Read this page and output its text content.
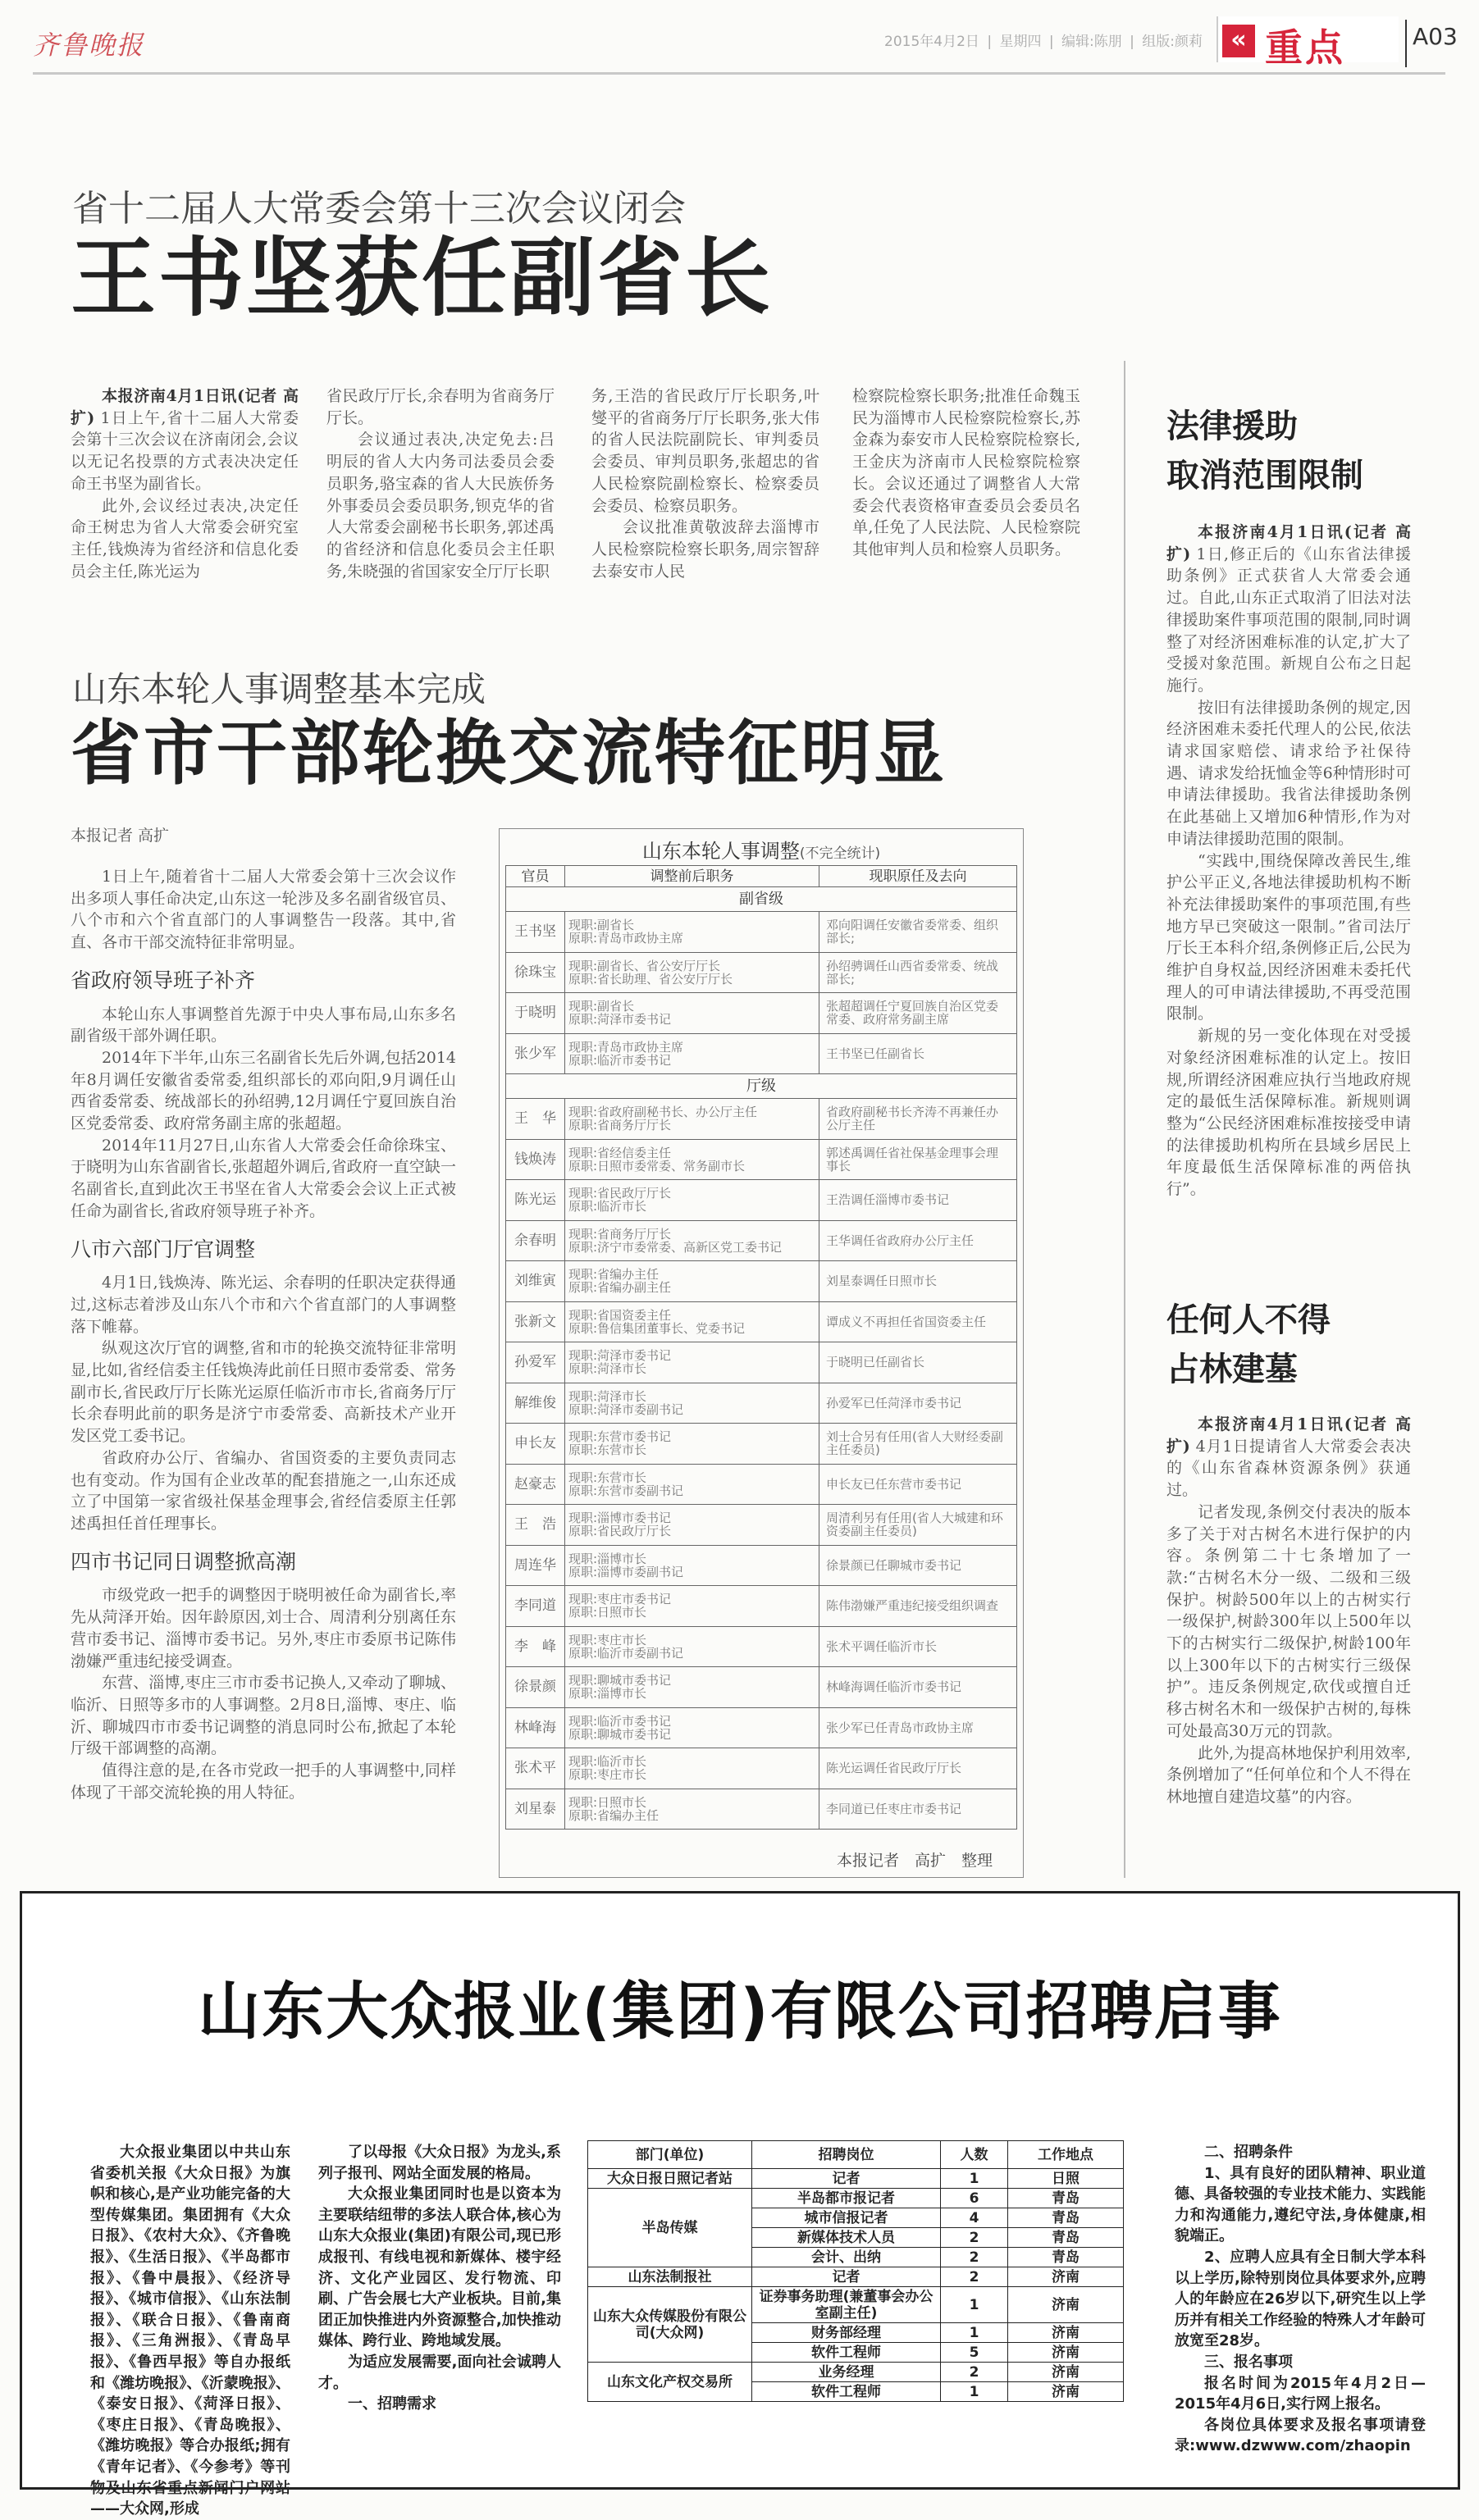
齐鲁晚报	2015年4月2日 | 星期四 | 编辑:陈朋 | 组版:颜莉	« 重点	A03
省十二届人大常委会第十三次会议闭会
王书坚获任副省长

本报济南4月1日讯(记者 高扩) 1日上午,省十二届人大常委会第十三次会议在济南闭会,会议以无记名投票的方式表决决定任命王书坚为副省长。

此外,会议经过表决,决定任命王树忠为省人大常委会研究室主任,钱焕涛为省经济和信息化委员会主任,陈光运为

省民政厅厅长,余春明为省商务厅厅长。

会议通过表决,决定免去:吕明辰的省人大内务司法委员会委员职务,骆宝森的省人大民族侨务外事委员会委员职务,钡克华的省人大常委会副秘书长职务,郭述禹的省经济和信息化委员会主任职务,朱晓强的省国家安全厅厅长职

务,王浩的省民政厅厅长职务,叶燮平的省商务厅厅长职务,张大伟的省人民法院副院长、审判委员会委员、审判员职务,张超忠的省人民检察院副检察长、检察委员会委员、检察员职务。

会议批准黄敬波辞去淄博市人民检察院检察长职务,周宗智辞去泰安市人民

检察院检察长职务;批准任命魏玉民为淄博市人民检察院检察长,苏金森为泰安市人民检察院检察长,王金庆为济南市人民检察院检察长。会议还通过了调整省人大常委会代表资格审查委员会委员名单,任免了人民法院、人民检察院其他审判人员和检察人员职务。

山东本轮人事调整基本完成
省市干部轮换交流特征明显
本报记者 高扩

1日上午,随着省十二届人大常委会第十三次会议作出多项人事任命决定,山东这一轮涉及多名副省级官员、八个市和六个省直部门的人事调整告一段落。其中,省直、各市干部交流特征非常明显。

省政府领导班子补齐

本轮山东人事调整首先源于中央人事布局,山东多名副省级干部外调任职。

2014年下半年,山东三名副省长先后外调,包括2014年8月调任安徽省委常委,组织部长的邓向阳,9月调任山西省委常委、统战部长的孙绍骋,12月调任宁夏回族自治区党委常委、政府常务副主席的张超超。

2014年11月27日,山东省人大常委会任命徐珠宝、于晓明为山东省副省长,张超超外调后,省政府一直空缺一名副省长,直到此次王书坚在省人大常委会会议上正式被任命为副省长,省政府领导班子补齐。

八市六部门厅官调整

4月1日,钱焕涛、陈光运、余春明的任职决定获得通过,这标志着涉及山东八个市和六个省直部门的人事调整落下帷幕。

纵观这次厅官的调整,省和市的轮换交流特征非常明显,比如,省经信委主任钱焕涛此前任日照市委常委、常务副市长,省民政厅厅长陈光运原任临沂市市长,省商务厅厅长余春明此前的职务是济宁市委常委、高新技术产业开发区党工委书记。

省政府办公厅、省编办、省国资委的主要负责同志也有变动。作为国有企业改革的配套措施之一,山东还成立了中国第一家省级社保基金理事会,省经信委原主任郭述禹担任首任理事长。

四市书记同日调整掀高潮

市级党政一把手的调整因于晓明被任命为副省长,率先从菏泽开始。因年龄原因,刘士合、周清利分别离任东营市委书记、淄博市委书记。另外,枣庄市委原书记陈伟渤嫌严重违纪接受调查。

东营、淄博,枣庄三市市委书记换人,又牵动了聊城、临沂、日照等多市的人事调整。2月8日,淄博、枣庄、临沂、聊城四市市委书记调整的消息同时公布,掀起了本轮厅级干部调整的高潮。

值得注意的是,在各市党政一把手的人事调整中,同样体现了干部交流轮换的用人特征。

山东本轮人事调整(不完全统计)
官员	调整前后职务	现职原任及去向
副省级		
王书坚	现职:副省长
原职:青岛市政协主席	邓向阳调任安徽省委常委、组织部长;
徐珠宝	现职:副省长、省公安厅厅长
原职:省长助理、省公安厅厅长	孙绍骋调任山西省委常委、统战部长;
于晓明	现职:副省长
原职:菏泽市委书记	张超超调任宁夏回族自治区党委常委、政府常务副主席
张少军	现职:青岛市政协主席
原职:临沂市委书记	王书坚已任副省长
厅级		
王　华	现职:省政府副秘书长、办公厅主任
原职:省商务厅厅长	省政府副秘书长齐涛不再兼任办公厅主任
钱焕涛	现职:省经信委主任
原职:日照市委常委、常务副市长	郭述禹调任省社保基金理事会理事长
陈光运	现职:省民政厅厅长
原职:临沂市长	王浩调任淄博市委书记
余春明	现职:省商务厅厅长
原职:济宁市委常委、高新区党工委书记	王华调任省政府办公厅主任
刘维寅	现职:省编办主任
原职:省编办副主任	刘星泰调任日照市长
张新文	现职:省国资委主任
原职:鲁信集团董事长、党委书记	谭成义不再担任省国资委主任
孙爱军	现职:菏泽市委书记
原职:菏泽市长	于晓明已任副省长
解维俊	现职:菏泽市长
原职:菏泽市委副书记	孙爱军已任菏泽市委书记
申长友	现职:东营市委书记
原职:东营市长	刘士合另有任用(省人大财经委副主任委员)
赵豪志	现职:东营市长
原职:东营市委副书记	申长友已任东营市委书记
王　浩	现职:淄博市委书记
原职:省民政厅厅长	周清利另有任用(省人大城建和环资委副主任委员)
周连华	现职:淄博市长
原职:淄博市委副书记	徐景颜已任聊城市委书记
李同道	现职:枣庄市委书记
原职:日照市长	陈伟渤嫌严重违纪接受组织调查
李　峰	现职:枣庄市长
原职:临沂市委副书记	张术平调任临沂市长
徐景颜	现职:聊城市委书记
原职:淄博市长	林峰海调任临沂市委书记
林峰海	现职:临沂市委书记
原职:聊城市委书记	张少军已任青岛市政协主席
张术平	现职:临沂市长
原职:枣庄市长	陈光运调任省民政厅厅长
刘星泰	现职:日照市长
原职:省编办主任	李同道已任枣庄市委书记
本报记者　高扩　整理
法律援助
取消范围限制

本报济南4月1日讯(记者 高扩) 1日,修正后的《山东省法律援助条例》正式获省人大常委会通过。自此,山东正式取消了旧法对法律援助案件事项范围的限制,同时调整了对经济困难标准的认定,扩大了受援对象范围。新规自公布之日起施行。

按旧有法律援助条例的规定,因经济困难未委托代理人的公民,依法请求国家赔偿、请求给予社保待遇、请求发给抚恤金等6种情形时可申请法律援助。我省法律援助条例在此基础上又增加6种情形,作为对申请法律援助范围的限制。

“实践中,围绕保障改善民生,维护公平正义,各地法律援助机构不断补充法律援助案件的事项范围,有些地方早已突破这一限制。”省司法厅厅长王本科介绍,条例修正后,公民为维护自身权益,因经济困难未委托代理人的可申请法律援助,不再受范围限制。

新规的另一变化体现在对受援对象经济困难标准的认定上。按旧规,所谓经济困难应执行当地政府规定的最低生活保障标准。新规则调整为“公民经济困难标准按接受申请的法律援助机构所在县域乡居民上年度最低生活保障标准的两倍执行”。

任何人不得
占林建墓

本报济南4月1日讯(记者 高扩) 4月1日提请省人大常委会表决的《山东省森林资源条例》获通过。

记者发现,条例交付表决的版本多了关于对古树名木进行保护的内容。条例第二十七条增加了一款:“古树名木分一级、二级和三级保护。树龄500年以上的古树实行一级保护,树龄300年以上500年以下的古树实行二级保护,树龄100年以上300年以下的古树实行三级保护”。违反条例规定,砍伐或擅自迁移古树名木和一级保护古树的,每株可处最高30万元的罚款。

此外,为提高林地保护利用效率,条例增加了“任何单位和个人不得在林地擅自建造坟墓”的内容。

山东大众报业(集团)有限公司招聘启事

大众报业集团以中共山东省委机关报《大众日报》为旗帜和核心,是产业功能完备的大型传媒集团。集团拥有《大众日报》、《农村大众》、《齐鲁晚报》、《生活日报》、《半岛都市报》、《鲁中晨报》、《经济导报》、《城市信报》、《山东法制报》、《联合日报》、《鲁南商报》、《三角洲报》、《青岛早报》、《鲁西早报》等自办报纸和《潍坊晚报》、《沂蒙晚报》、《泰安日报》、《菏泽日报》、《枣庄日报》、《青岛晚报》、《潍坊晚报》等合办报纸;拥有《青年记者》、《今参考》等刊物及山东省重点新闻门户网站——大众网,形成

了以母报《大众日报》为龙头,系列子报刊、网站全面发展的格局。

大众报业集团同时也是以资本为主要联结纽带的多法人联合体,核心为山东大众报业(集团)有限公司,现已形成报刊、有线电视和新媒体、楼宇经济、文化产业园区、发行物流、印刷、广告会展七大产业板块。目前,集团正加快推进内外资源整合,加快推动媒体、跨行业、跨地域发展。

为适应发展需要,面向社会诚聘人才。

一、招聘需求

部门(单位)	招聘岗位	人数	工作地点
大众日报日照记者站	记者	1	日照
半岛传媒	半岛都市报记者	6	青岛
	城市信报记者	4	青岛
	新媒体技术人员	2	青岛
	会计、出纳	2	青岛
山东法制报社	记者	2	济南
山东大众传媒股份有限公司(大众网)	证券事务助理(兼董事会办公室副主任)	1	济南
	财务部经理	1	济南
	软件工程师	5	济南
山东文化产权交易所	业务经理	2	济南
	软件工程师	1	济南

二、招聘条件

1、具有良好的团队精神、职业道德、具备较强的专业技术能力、实践能力和沟通能力,遵纪守法,身体健康,相貌端正。

2、应聘人应具有全日制大学本科以上学历,除特别岗位具体要求外,应聘人的年龄应在26岁以下,研究生以上学历并有相关工作经验的特殊人才年龄可放宽至28岁。

三、报名事项

报名时间为2015年4月2日—2015年4月6日,实行网上报名。

各岗位具体要求及报名事项请登录:www.dzwww.com/zhaopin
